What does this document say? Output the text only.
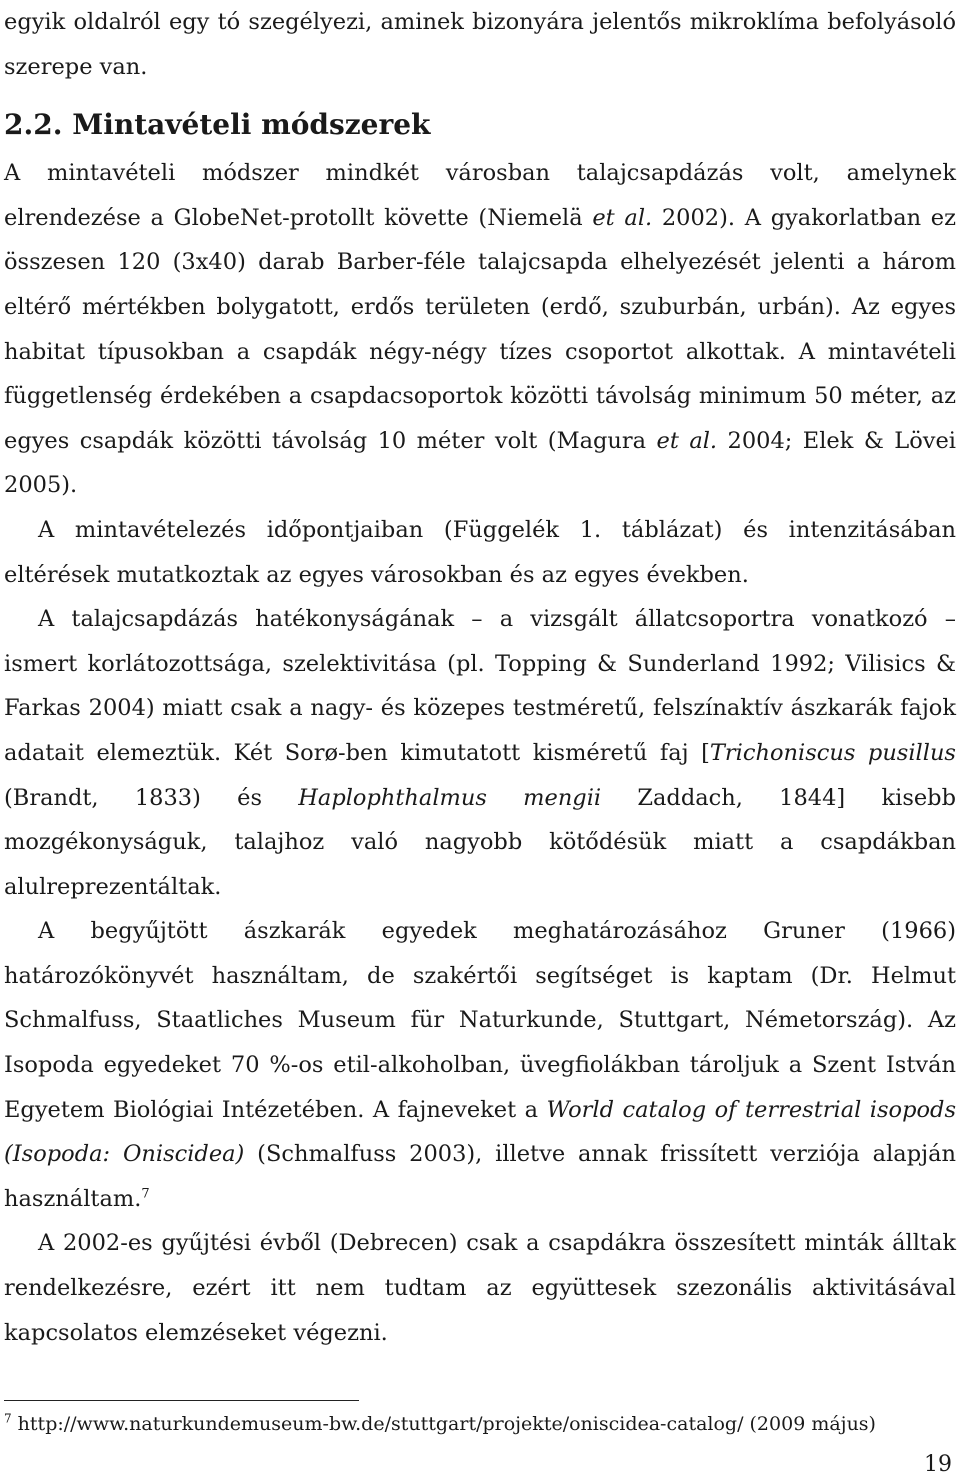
egyik oldalról egy tó szegélyezi, aminek bizonyára jelentős mikroklíma befolyásoló szerepe van.

2.2. Mintavételi módszerek

A mintavételi módszer mindkét városban talajcsapdázás volt, amelynek elrendezése a GlobeNet-protollt követte (Niemelä et al. 2002). A gyakorlatban ez összesen 120 (3x40) darab Barber-féle talajcsapda elhelyezését jelenti a három eltérő mértékben bolygatott, erdős területen (erdő, szuburbán, urbán). Az egyes habitat típusokban a csapdák négy-négy tízes csoportot alkottak. A mintavételi függetlenség érdekében a csapdacsoportok közötti távolság minimum 50 méter, az egyes csapdák közötti távolság 10 méter volt (Magura et al. 2004; Elek & Lövei 2005).

A mintavételezés időpontjaiban (Függelék 1. táblázat) és intenzitásában eltérések mutatkoztak az egyes városokban és az egyes években.

A talajcsapdázás hatékonyságának – a vizsgált állatcsoportra vonatkozó – ismert korlátozottsága, szelektivitása (pl. Topping & Sunderland 1992; Vilisics & Farkas 2004) miatt csak a nagy- és közepes testméretű, felszínaktív ászkarák fajok adatait elemeztük. Két Sorø-ben kimutatott kisméretű faj [Trichoniscus pusillus (Brandt, 1833) és Haplophthalmus mengii Zaddach, 1844] kisebb mozgékonyságuk, talajhoz való nagyobb kötődésük miatt a csapdákban alulreprezentáltak.

A begyűjtött ászkarák egyedek meghatározásához Gruner (1966) határozókönyvét használtam, de szakértői segítséget is kaptam (Dr. Helmut Schmalfuss, Staatliches Museum für Naturkunde, Stuttgart, Németország). Az Isopoda egyedeket 70 %-os etil-alkoholban, üvegfiolákban tároljuk a Szent István Egyetem Biológiai Intézetében. A fajneveket a World catalog of terrestrial isopods (Isopoda: Oniscidea) (Schmalfuss 2003), illetve annak frissített verziója alapján használtam.$^7$

A 2002-es gyűjtési évből (Debrecen) csak a csapdákra összesített minták álltak rendelkezésre, ezért itt nem tudtam az együttesek szezonális aktivitásával kapcsolatos elemzéseket végezni.

$^7$ http://www.naturkundemuseum-bw.de/stuttgart/projekte/oniscidea-catalog/ (2009 május)
19
